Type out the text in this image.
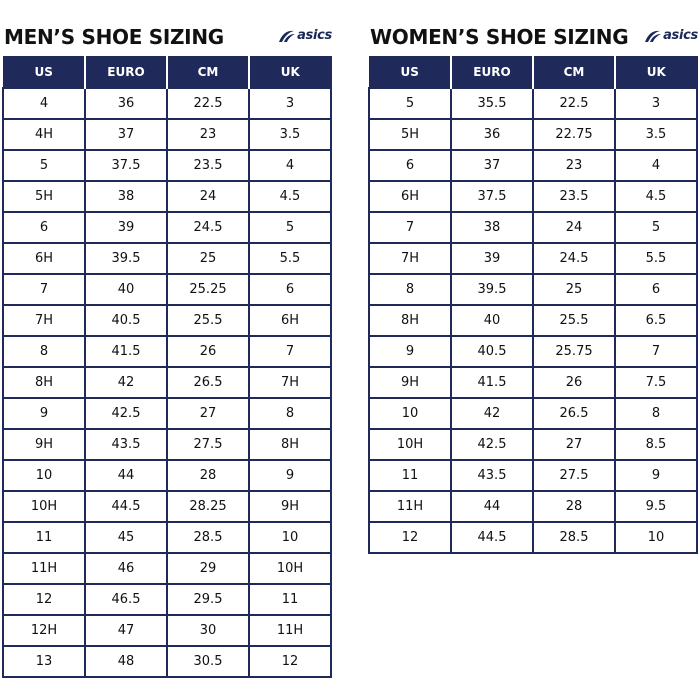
MEN’S SHOE SIZING	asics
US	EURO	CM	UK
4	36	22.5	3
4H	37	23	3.5
5	37.5	23.5	4
5H	38	24	4.5
6	39	24.5	5
6H	39.5	25	5.5
7	40	25.25	6
7H	40.5	25.5	6H
8	41.5	26	7
8H	42	26.5	7H
9	42.5	27	8
9H	43.5	27.5	8H
10	44	28	9
10H	44.5	28.25	9H
11	45	28.5	10
11H	46	29	10H
12	46.5	29.5	11
12H	47	30	11H
13	48	30.5	12
WOMEN’S SHOE SIZING	asics
US	EURO	CM	UK
5	35.5	22.5	3
5H	36	22.75	3.5
6	37	23	4
6H	37.5	23.5	4.5
7	38	24	5
7H	39	24.5	5.5
8	39.5	25	6
8H	40	25.5	6.5
9	40.5	25.75	7
9H	41.5	26	7.5
10	42	26.5	8
10H	42.5	27	8.5
11	43.5	27.5	9
11H	44	28	9.5
12	44.5	28.5	10
